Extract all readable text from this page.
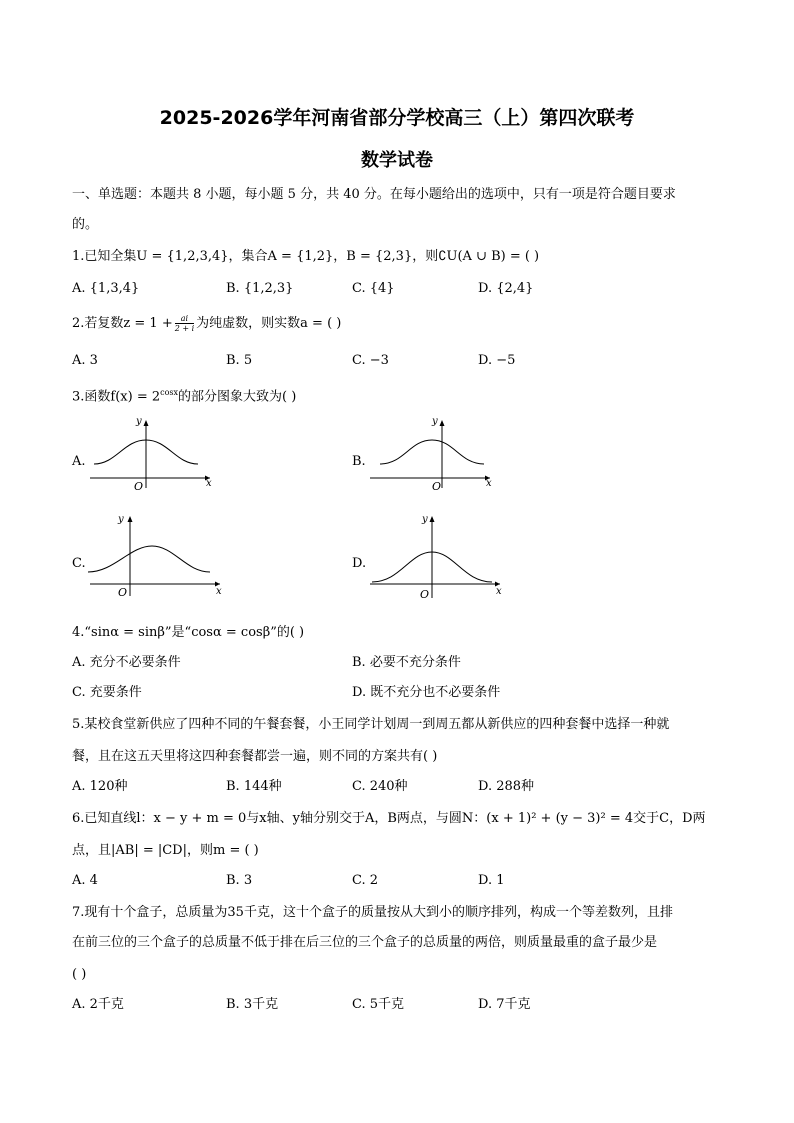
2025-2026学年河南省部分学校高三（上）第四次联考
数学试卷
一、单选题：本题共 8 小题，每小题 5 分，共 40 分。在每小题给出的选项中，只有一项是符合题目要求
的。
1.已知全集U = {1,2,3,4}，集合A = {1,2}，B = {2,3}，则∁U(A ∪ B) = ( )
A. {1,3,4}	B. {1,2,3}	C. {4}	D. {2,4}
2.若复数$z = 1 + \frac{ai}{2 + i}$ 为纯虚数，则实数a = ( )
A. 3	B. 5	C. −3	D. −5
3.函数$f(x) = 2^{cosx}$的部分图象大致为( )
A.
x
y
O
B.
x
y
O
C.
x
y
O
D.
x
y
O
4.“sinα = sinβ”是“cosα = cosβ”的( )
A. 充分不必要条件	B. 必要不充分条件
C. 充要条件	D. 既不充分也不必要条件
5.某校食堂新供应了四种不同的午餐套餐，小王同学计划周一到周五都从新供应的四种套餐中选择一种就
餐，且在这五天里将这四种套餐都尝一遍，则不同的方案共有( )
A. 120种	B. 144种	C. 240种	D. 288种
6.已知直线l：x − y + m = 0与x轴、y轴分别交于A，B两点，与圆N：(x + 1)² + (y − 3)² = 4交于C，D两
点，且|AB| = |CD|，则m = ( )
A. 4	B. 3	C. 2	D. 1
7.现有十个盒子，总质量为35千克，这十个盒子的质量按从大到小的顺序排列，构成一个等差数列，且排
在前三位的三个盒子的总质量不低于排在后三位的三个盒子的总质量的两倍，则质量最重的盒子最少是
( )
A. 2千克	B. 3千克	C. 5千克	D. 7千克
